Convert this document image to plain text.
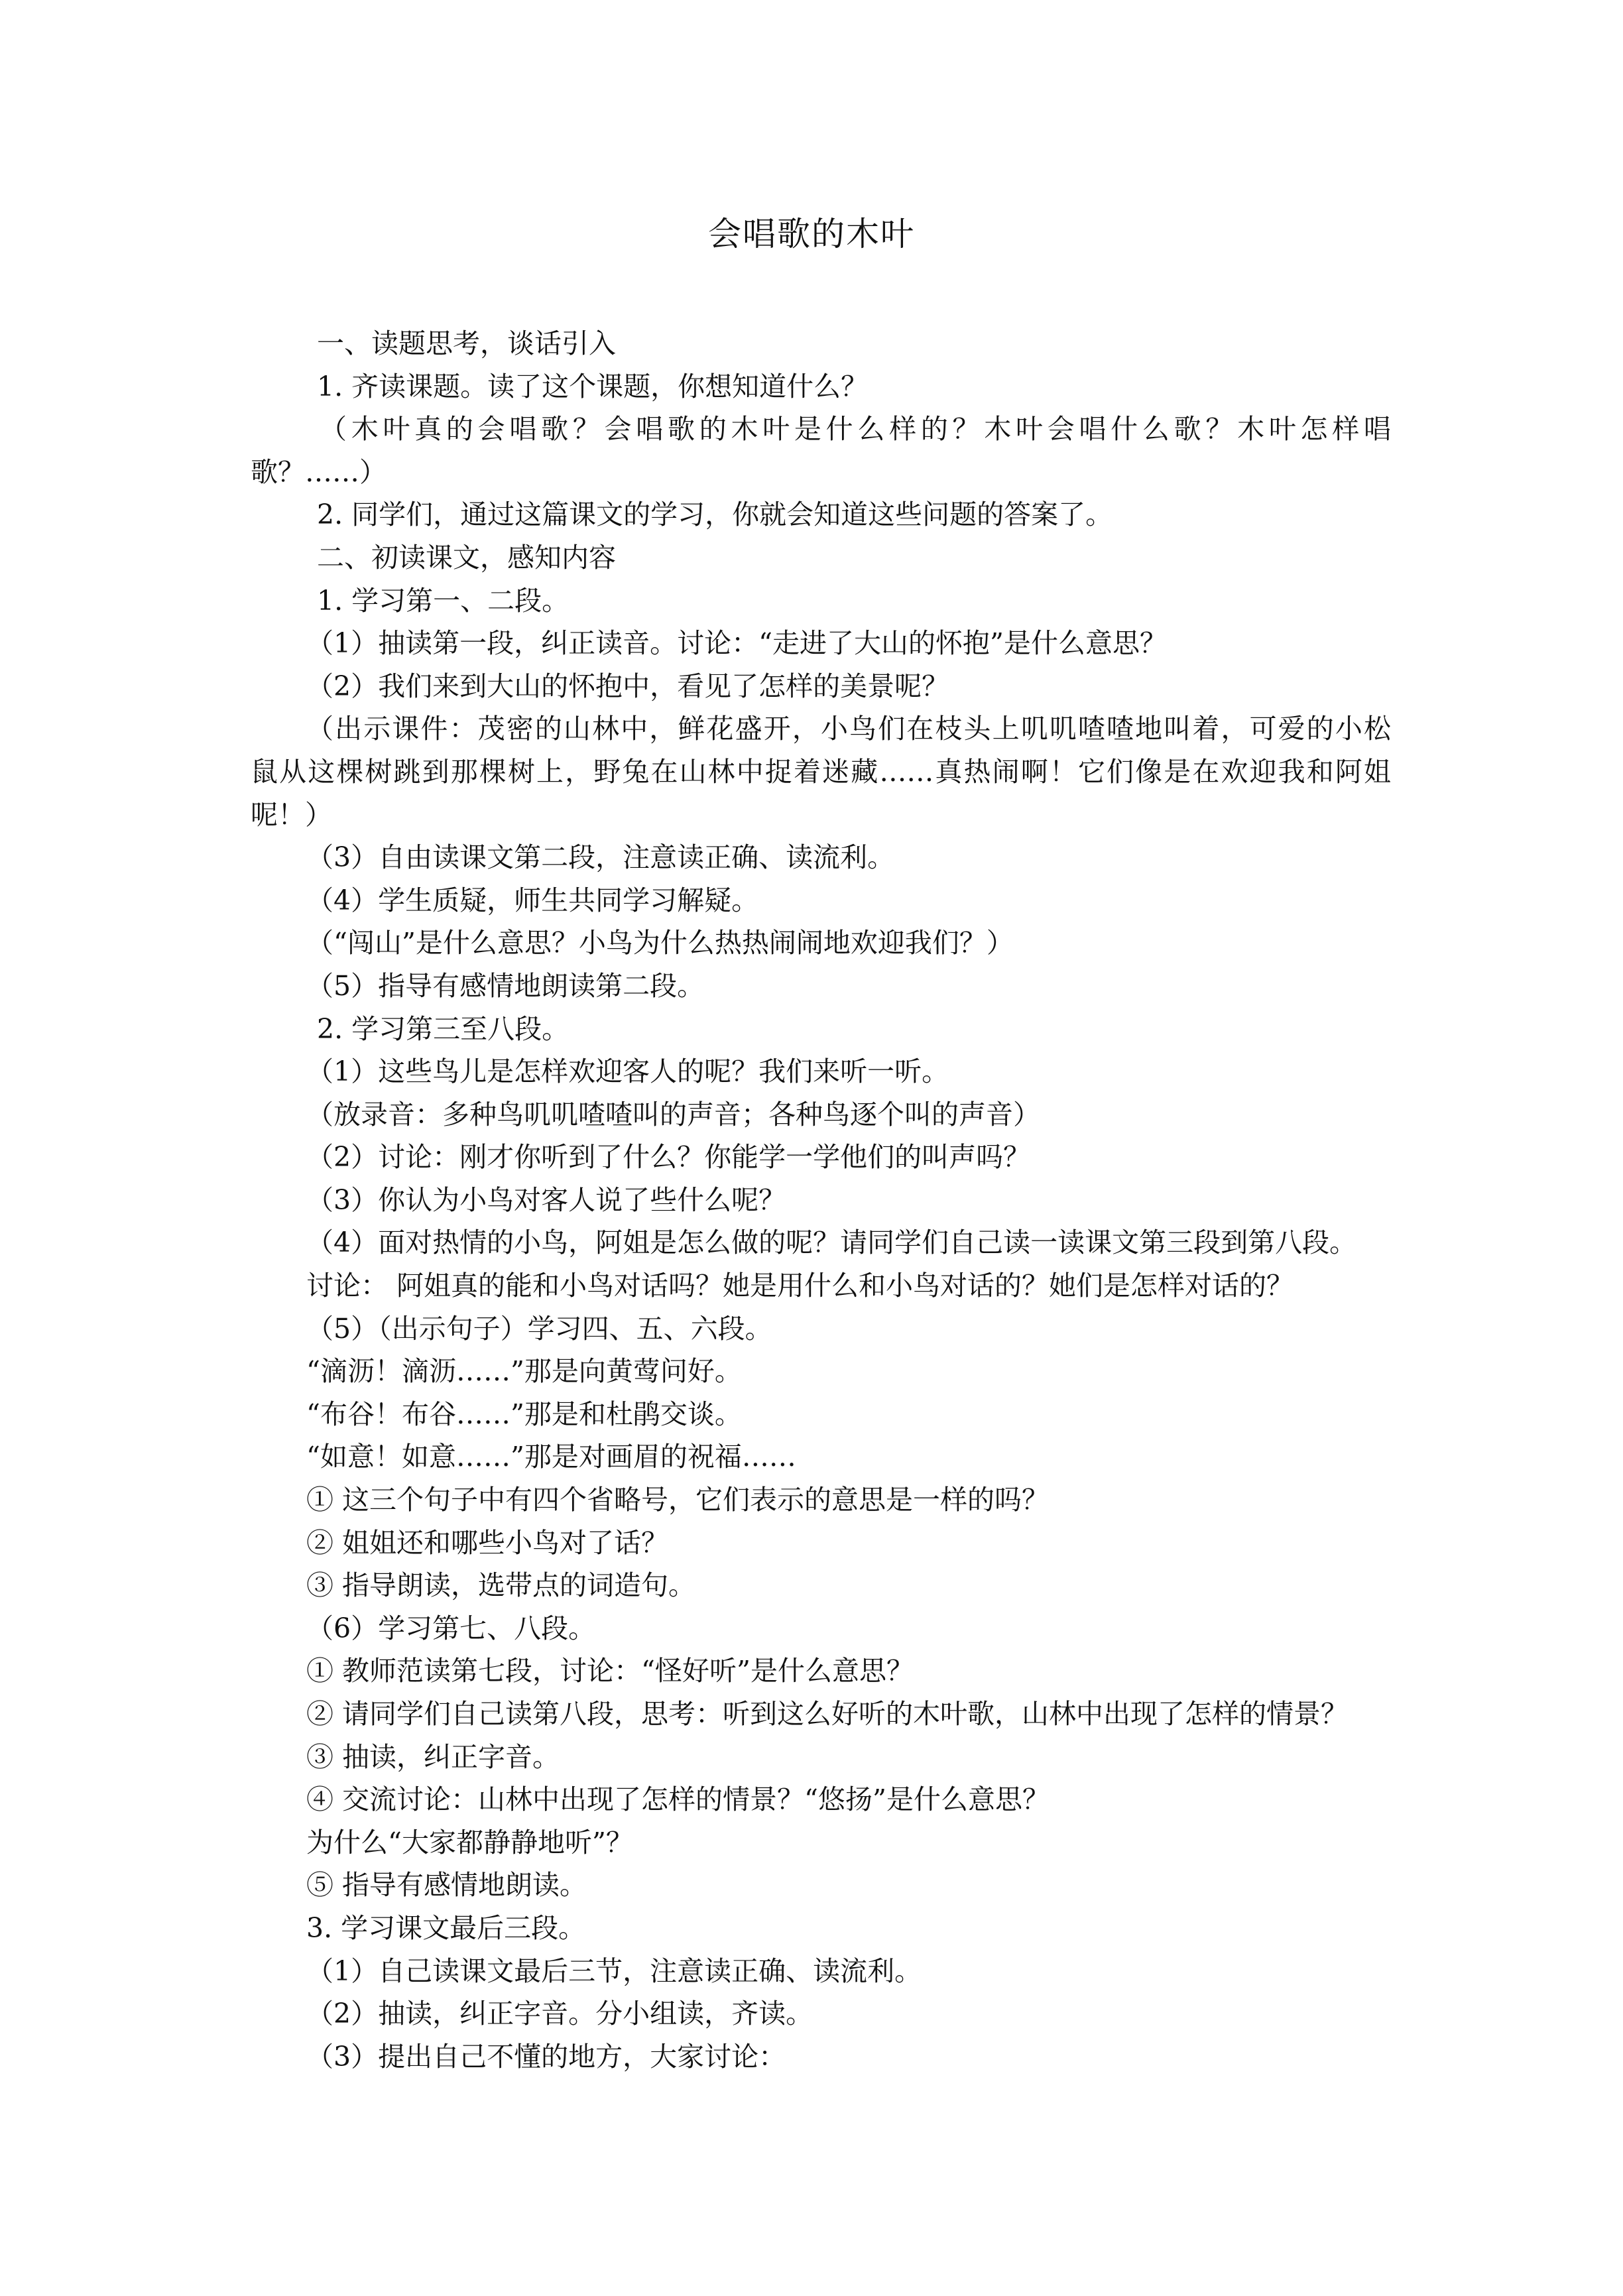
会唱歌的木叶
一、读题思考，谈话引入
1. 齐读课题。读了这个课题，你想知道什么？
（木叶真的会唱歌？会唱歌的木叶是什么样的？木叶会唱什么歌？木叶怎样唱
歌？……）
2. 同学们，通过这篇课文的学习，你就会知道这些问题的答案了。
二、初读课文，感知内容
1. 学习第一、二段。
（1）抽读第一段，纠正读音。讨论：“走进了大山的怀抱”是什么意思？
（2）我们来到大山的怀抱中，看见了怎样的美景呢？
（出示课件：茂密的山林中，鲜花盛开，小鸟们在枝头上叽叽喳喳地叫着，可爱的小松
鼠从这棵树跳到那棵树上，野兔在山林中捉着迷藏……真热闹啊！它们像是在欢迎我和阿姐
呢！）
（3）自由读课文第二段，注意读正确、读流利。
（4）学生质疑，师生共同学习解疑。
（“闯山”是什么意思？小鸟为什么热热闹闹地欢迎我们？）
（5）指导有感情地朗读第二段。
2. 学习第三至八段。
（1）这些鸟儿是怎样欢迎客人的呢？我们来听一听。
（放录音：多种鸟叽叽喳喳叫的声音；各种鸟逐个叫的声音）
（2）讨论：刚才你听到了什么？你能学一学他们的叫声吗？
（3）你认为小鸟对客人说了些什么呢？
（4）面对热情的小鸟，阿姐是怎么做的呢？请同学们自己读一读课文第三段到第八段。
讨论： 阿姐真的能和小鸟对话吗？她是用什么和小鸟对话的？她们是怎样对话的？
（5）（出示句子）学习四、五、六段。
“滴沥！滴沥……”那是向黄莺问好。
“布谷！布谷……”那是和杜鹃交谈。
“如意！如意……”那是对画眉的祝福……
① 这三个句子中有四个省略号，它们表示的意思是一样的吗？
② 姐姐还和哪些小鸟对了话？
③ 指导朗读，选带点的词造句。
（6）学习第七、八段。
① 教师范读第七段，讨论：“怪好听”是什么意思？
② 请同学们自己读第八段，思考：听到这么好听的木叶歌，山林中出现了怎样的情景？
③ 抽读，纠正字音。
④ 交流讨论：山林中出现了怎样的情景？“悠扬”是什么意思？
为什么“大家都静静地听”？
⑤ 指导有感情地朗读。
3. 学习课文最后三段。
（1）自己读课文最后三节，注意读正确、读流利。
（2）抽读，纠正字音。分小组读，齐读。
（3）提出自己不懂的地方，大家讨论：
